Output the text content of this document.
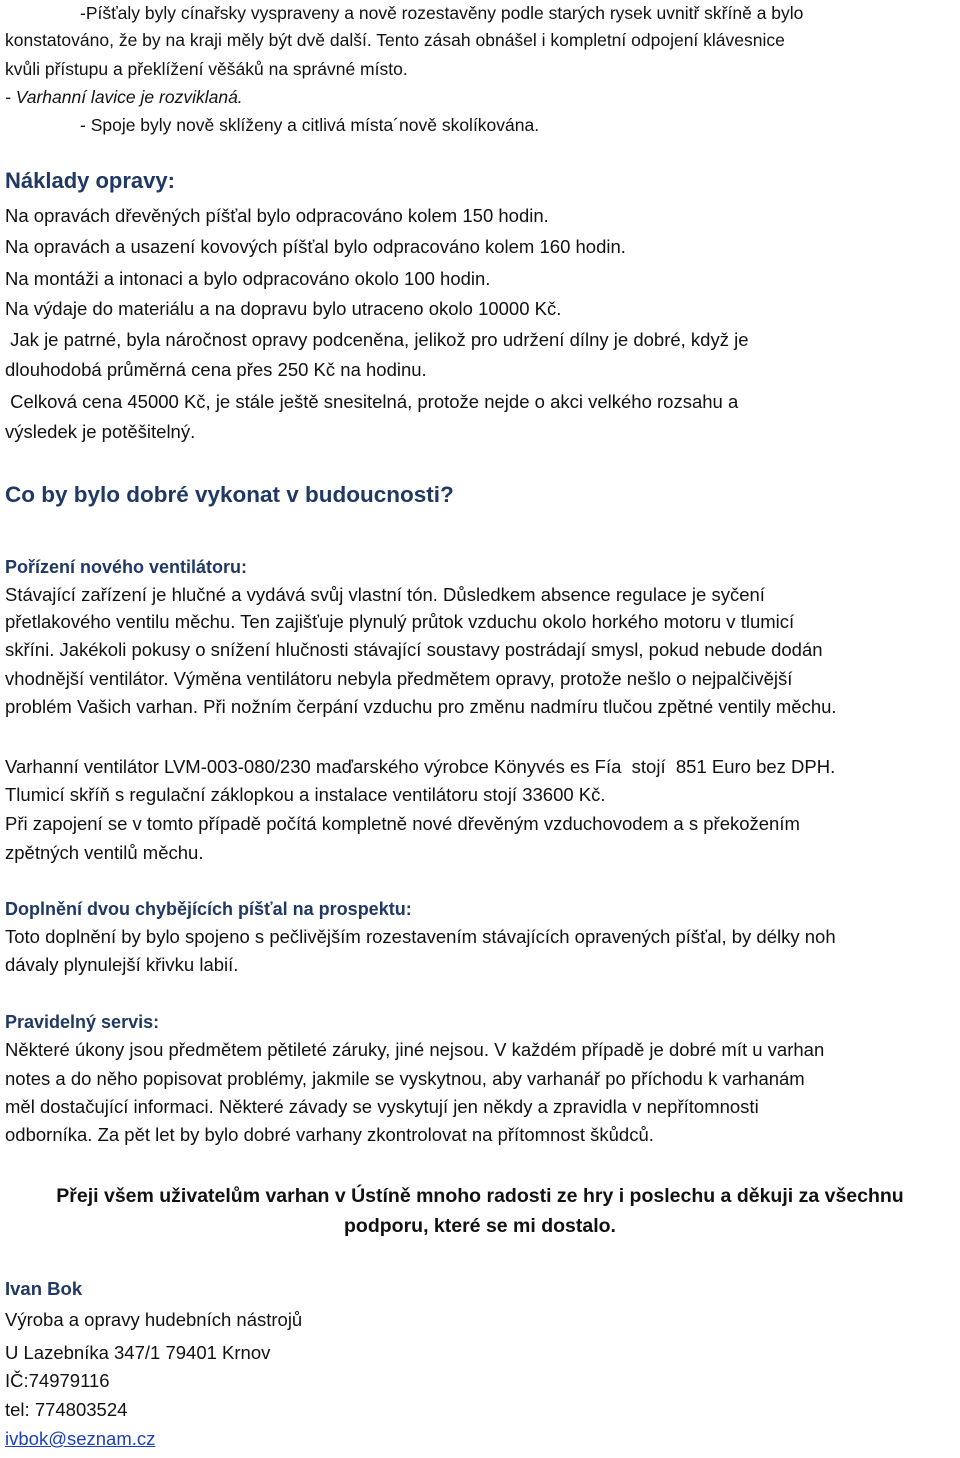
-Píšťaly byly cínařsky vyspraveny a nově rozestavěny podle starých rysek uvnitř skříně a bylo
konstatováno, že by na kraji měly být dvě další. Tento zásah obnášel i kompletní odpojení klávesnice
kvůli přístupu a překlížení věšáků na správné místo.
- Varhanní lavice je rozviklaná.
- Spoje byly nově sklíženy a citlivá místa´nově skolíkována.
Náklady opravy:
Na opravách dřevěných píšťal bylo odpracováno kolem 150 hodin.
Na opravách a usazení kovových píšťal bylo odpracováno kolem 160 hodin.
Na montáži a intonaci a bylo odpracováno okolo 100 hodin.
Na výdaje do materiálu a na dopravu bylo utraceno okolo 10000 Kč.
Jak je patrné, byla náročnost opravy podceněna, jelikož pro udržení dílny je dobré, když je
dlouhodobá průměrná cena přes 250 Kč na hodinu.
Celková cena 45000 Kč, je stále ještě snesitelná, protože nejde o akci velkého rozsahu a
výsledek je potěšitelný.
Co by bylo dobré vykonat v budoucnosti?
Pořízení nového ventilátoru:
Stávající zařízení je hlučné a vydává svůj vlastní tón. Důsledkem absence regulace je syčení
přetlakového ventilu měchu. Ten zajišťuje plynulý průtok vzduchu okolo horkého motoru v tlumicí
skříni. Jakékoli pokusy o snížení hlučnosti stávající soustavy postrádají smysl, pokud nebude dodán
vhodnější ventilátor. Výměna ventilátoru nebyla předmětem opravy, protože nešlo o nejpalčivější
problém Vašich varhan. Při nožním čerpání vzduchu pro změnu nadmíru tlučou zpětné ventily měchu.
Varhanní ventilátor LVM-003-080/230 maďarského výrobce Könyvés es Fía  stojí  851 Euro bez DPH.
Tlumicí skříň s regulační záklopkou a instalace ventilátoru stojí 33600 Kč.
Při zapojení se v tomto případě počítá kompletně nové dřevěným vzduchovodem a s překožením
zpětných ventilů měchu.
Doplnění dvou chybějících píšťal na prospektu:
Toto doplnění by bylo spojeno s pečlivějším rozestavením stávajících opravených píšťal, by délky noh
dávaly plynulejší křivku labií.
Pravidelný servis:
Některé úkony jsou předmětem pětileté záruky, jiné nejsou. V každém případě je dobré mít u varhan
notes a do něho popisovat problémy, jakmile se vyskytnou, aby varhanář po příchodu k varhanám
měl dostačující informaci. Některé závady se vyskytují jen někdy a zpravidla v nepřítomnosti
odborníka. Za pět let by bylo dobré varhany zkontrolovat na přítomnost škůdců.
Přeji všem uživatelům varhan v Ústíně mnoho radosti ze hry i poslechu a děkuji za všechnu
podporu, které se mi dostalo.
Ivan Bok
Výroba a opravy hudebních nástrojů
U Lazebníka 347/1 79401 Krnov
IČ:74979116
tel: 774803524
ivbok@seznam.cz
